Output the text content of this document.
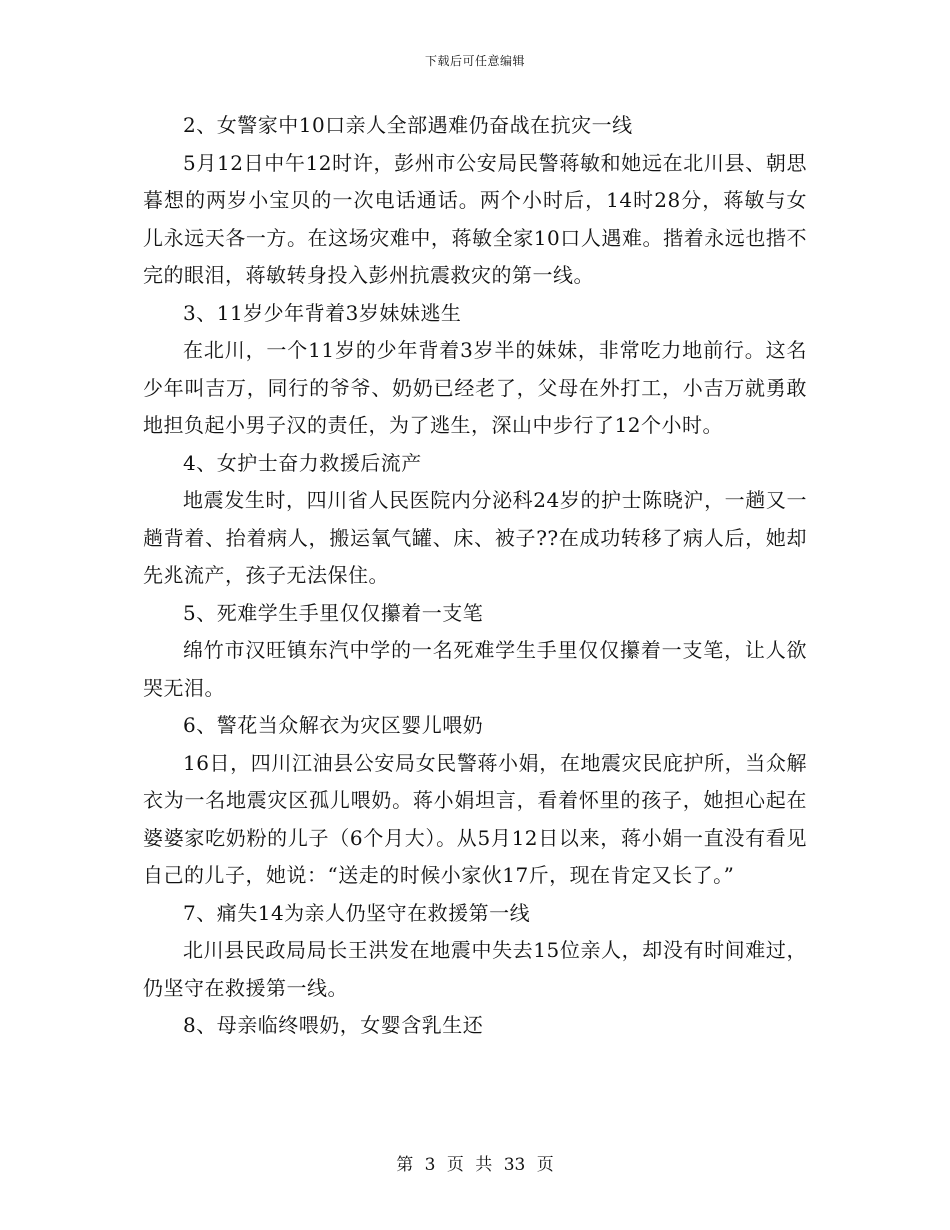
下载后可任意编辑

2、女警家中10口亲人全部遇难仍奋战在抗灾一线

5月12日中午12时许，彭州市公安局民警蒋敏和她远在北川县、朝思暮想的两岁小宝贝的一次电话通话。两个小时后，14时28分，蒋敏与女儿永远天各一方。在这场灾难中，蒋敏全家10口人遇难。揩着永远也揩不完的眼泪，蒋敏转身投入彭州抗震救灾的第一线。

3、11岁少年背着3岁妹妹逃生

在北川，一个11岁的少年背着3岁半的妹妹，非常吃力地前行。这名少年叫吉万，同行的爷爷、奶奶已经老了，父母在外打工，小吉万就勇敢地担负起小男子汉的责任，为了逃生，深山中步行了12个小时。

4、女护士奋力救援后流产

地震发生时，四川省人民医院内分泌科24岁的护士陈晓沪，一趟又一趟背着、抬着病人，搬运氧气罐、床、被子??在成功转移了病人后，她却先兆流产，孩子无法保住。

5、死难学生手里仅仅攥着一支笔

绵竹市汉旺镇东汽中学的一名死难学生手里仅仅攥着一支笔，让人欲哭无泪。

6、警花当众解衣为灾区婴儿喂奶

16日，四川江油县公安局女民警蒋小娟，在地震灾民庇护所，当众解衣为一名地震灾区孤儿喂奶。蒋小娟坦言，看着怀里的孩子，她担心起在婆婆家吃奶粉的儿子（6个月大）。从5月12日以来，蒋小娟一直没有看见自己的儿子，她说：“送走的时候小家伙17斤，现在肯定又长了。”

7、痛失14为亲人仍坚守在救援第一线

北川县民政局局长王洪发在地震中失去15位亲人，却没有时间难过，仍坚守在救援第一线。

8、母亲临终喂奶，女婴含乳生还

第 3 页 共 33 页
